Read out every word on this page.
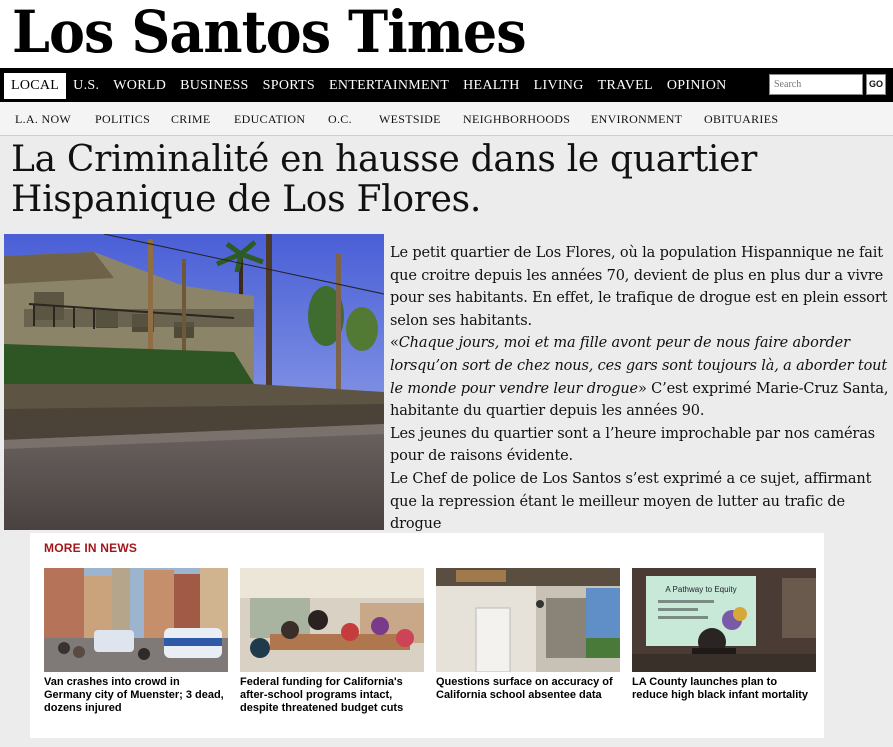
Los Santos Times
LOCAL	U.S.	WORLD	BUSINESS	SPORTS	ENTERTAINMENT	HEALTH	LIVING	TRAVEL	OPINION
Search	GO
L.A. NOW POLITICS CRIME EDUCATION O.C. WESTSIDE NEIGHBORHOODS ENVIRONMENT OBITUARIES
La Criminalité en hausse dans le quartier Hispanique de Los Flores.

Le petit quartier de Los Flores, où la population Hispannique ne fait que croitre depuis les années 70, devient de plus en plus dur a vivre pour ses habitants. En effet, le trafique de drogue est en plein essort selon ses habitants.

«Chaque jours, moi et ma fille avont peur de nous faire aborder lorsqu’on sort de chez nous, ces gars sont toujours là, a aborder tout le monde pour vendre leur drogue» C’est exprimé Marie-Cruz Santa, habitante du quartier depuis les années 90.

Les jeunes du quartier sont a l’heure improchable par nos caméras pour de raisons évidente.

Le Chef de police de Los Santos s’est exprimé a ce sujet, affirmant que la repression étant le meilleur moyen de lutter au trafic de drogue

MORE IN NEWS
Van crashes into crowd in Germany city of Muenster; 3 dead, dozens injured
Federal funding for California's after-school programs intact, despite threatened budget cuts
Questions surface on accuracy of California school absentee data
A Pathway to Equity
LA County launches plan to reduce high black infant mortality
